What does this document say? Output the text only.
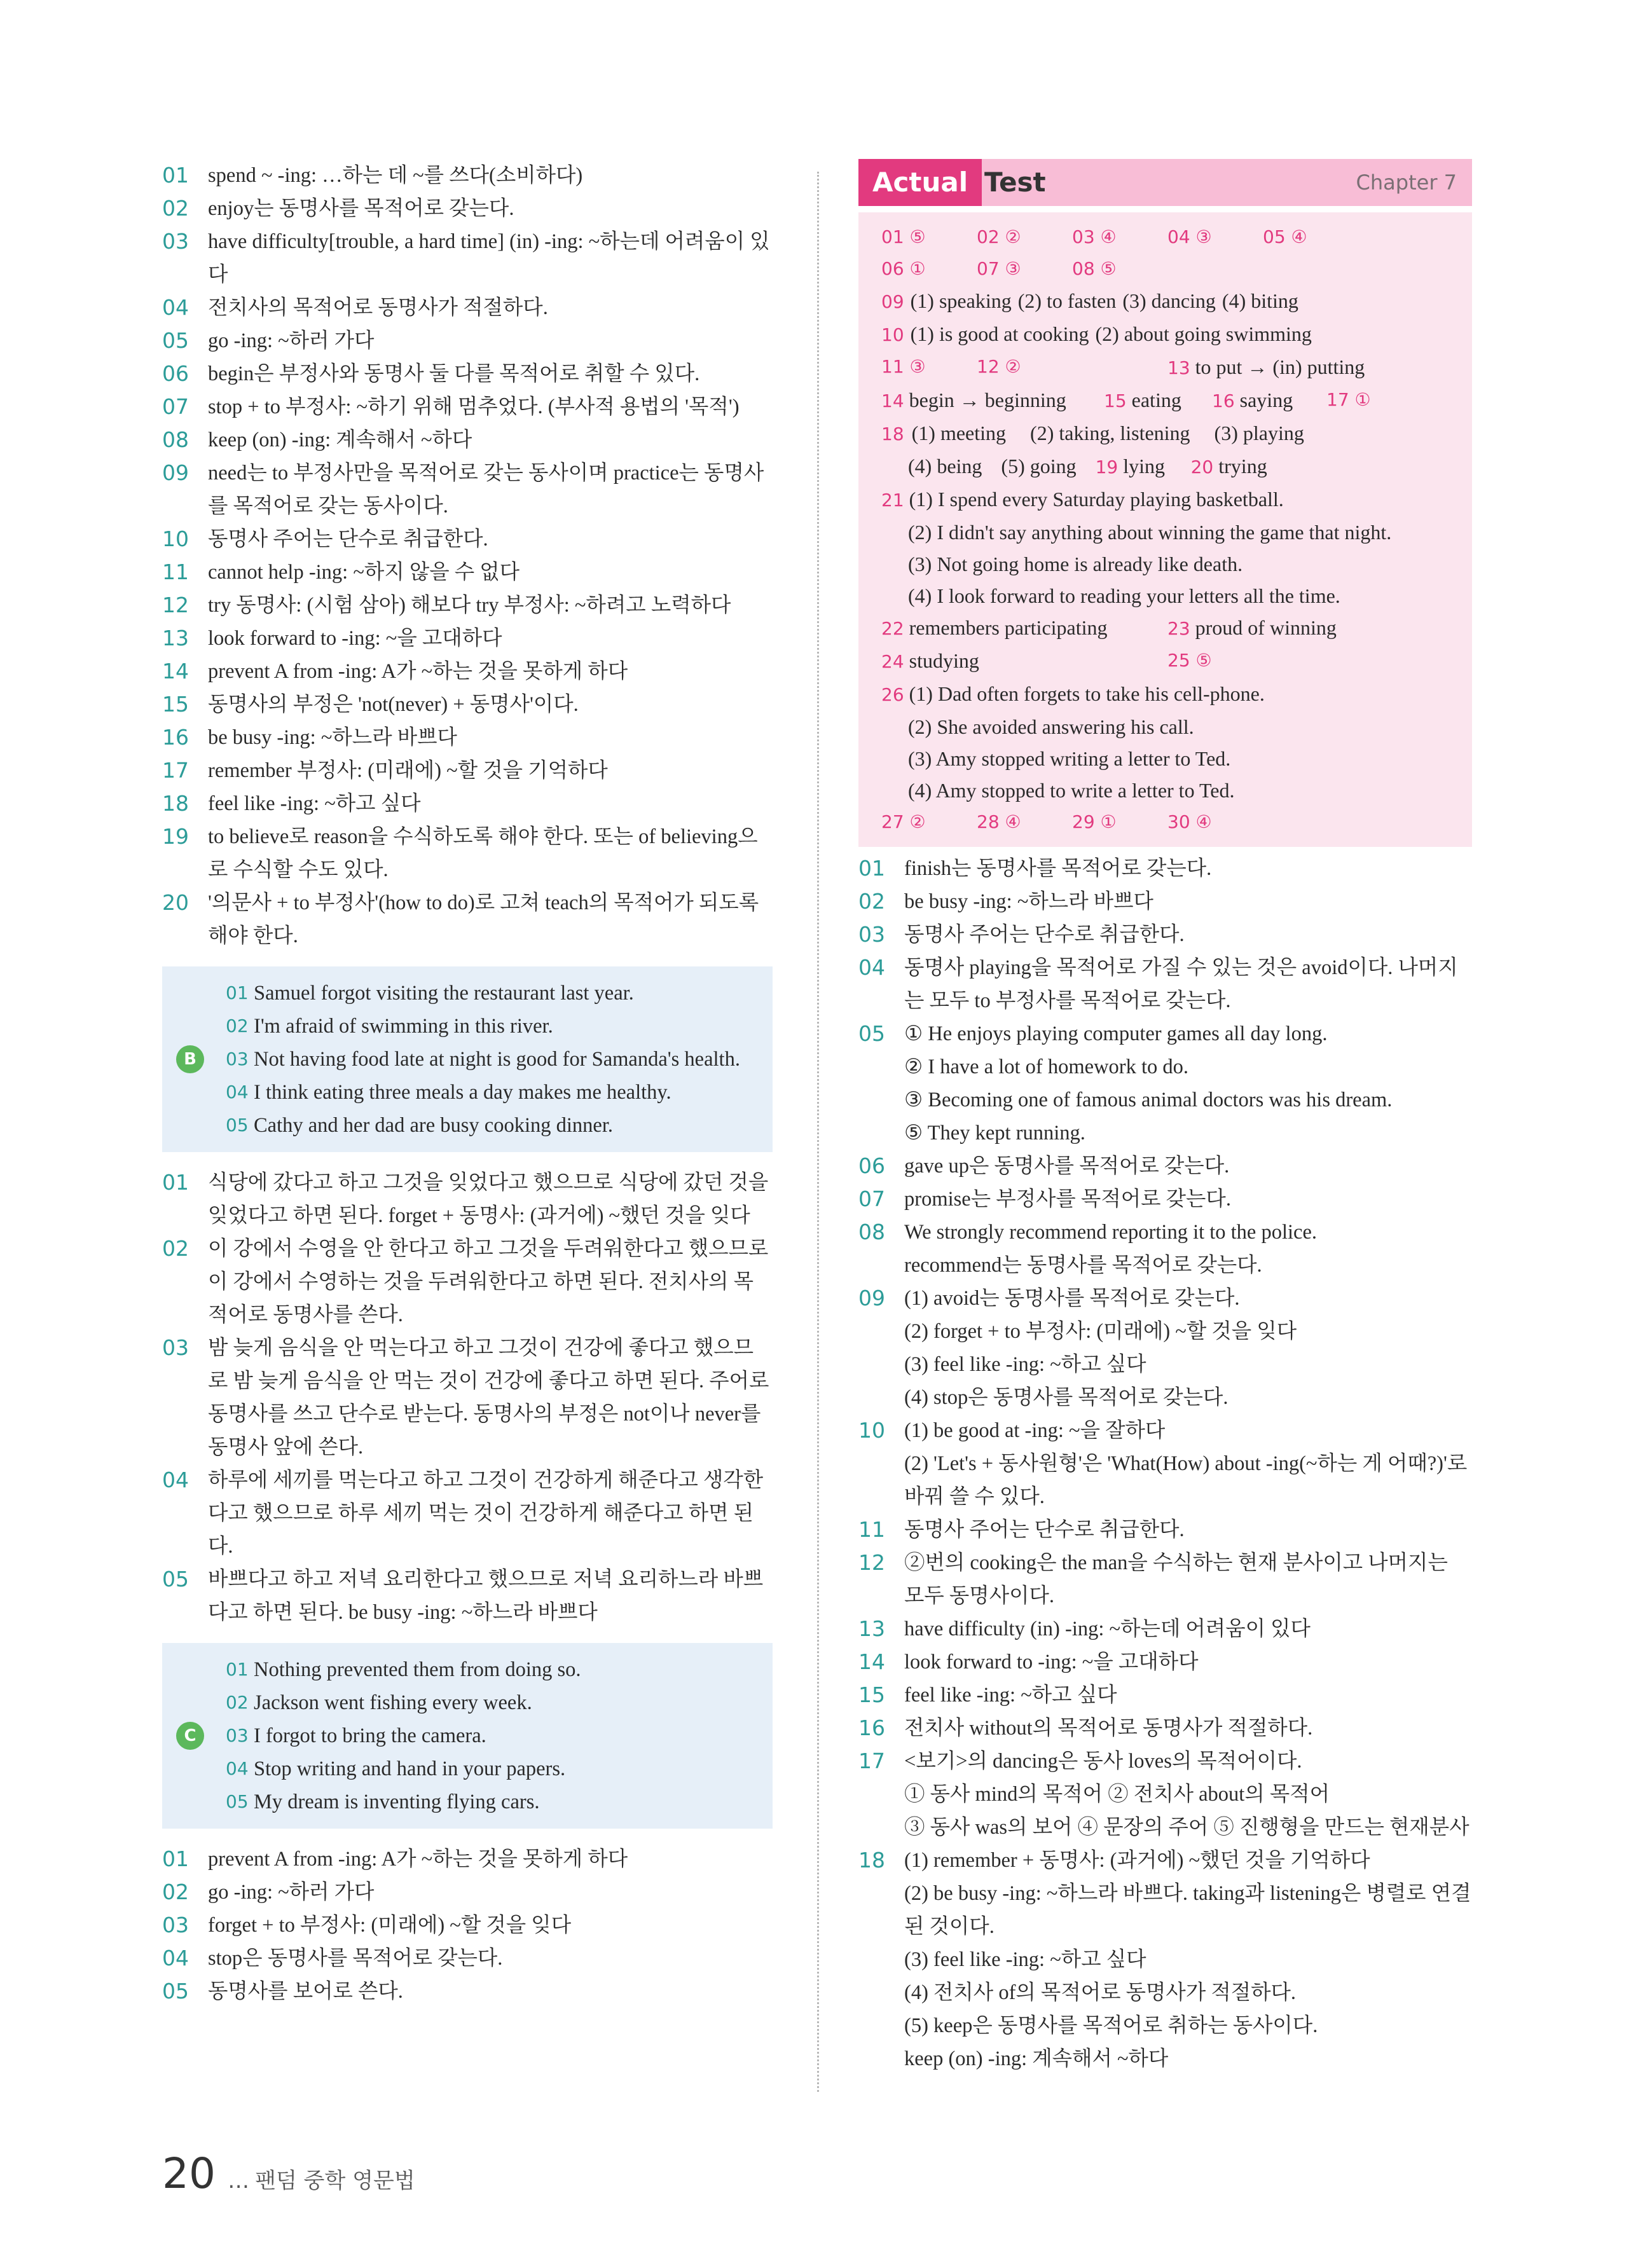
01 spend ~ -ing: …하는 데 ~를 쓰다(소비하다)
02 enjoy는 동명사를 목적어로 갖는다.
03 have difficulty[trouble, a hard time] (in) -ing: ~하는데 어려움이 있다
04 전치사의 목적어로 동명사가 적절하다.
05 go -ing: ~하러 가다
06 begin은 부정사와 동명사 둘 다를 목적어로 취할 수 있다.
07 stop + to 부정사: ~하기 위해 멈추었다. (부사적 용법의 '목적')
08 keep (on) -ing: 계속해서 ~하다
09 need는 to 부정사만을 목적어로 갖는 동사이며 practice는 동명사를 목적어로 갖는 동사이다.
10 동명사 주어는 단수로 취급한다.
11 cannot help -ing: ~하지 않을 수 없다
12 try 동명사: (시험 삼아) 해보다 try 부정사: ~하려고 노력하다
13 look forward to -ing: ~을 고대하다
14 prevent A from -ing: A가 ~하는 것을 못하게 하다
15 동명사의 부정은 'not(never) + 동명사'이다.
16 be busy -ing: ~하느라 바쁘다
17 remember 부정사: (미래에) ~할 것을 기억하다
18 feel like -ing: ~하고 싶다
19 to believe로 reason을 수식하도록 해야 한다. 또는 of believing으로 수식할 수도 있다.
20 '의문사 + to 부정사'(how to do)로 고쳐 teach의 목적어가 되도록 해야 한다.
B
01 Samuel forgot visiting the restaurant last year.
02 I'm afraid of swimming in this river.
03 Not having food late at night is good for Samanda's health.
04 I think eating three meals a day makes me healthy.
05 Cathy and her dad are busy cooking dinner.
01 식당에 갔다고 하고 그것을 잊었다고 했으므로 식당에 갔던 것을 잊었다고 하면 된다. forget + 동명사: (과거에) ~했던 것을 잊다
02 이 강에서 수영을 안 한다고 하고 그것을 두려워한다고 했으므로 이 강에서 수영하는 것을 두려워한다고 하면 된다. 전치사의 목적어로 동명사를 쓴다.
03 밤 늦게 음식을 안 먹는다고 하고 그것이 건강에 좋다고 했으므로 밤 늦게 음식을 안 먹는 것이 건강에 좋다고 하면 된다. 주어로 동명사를 쓰고 단수로 받는다. 동명사의 부정은 not이나 never를 동명사 앞에 쓴다.
04 하루에 세끼를 먹는다고 하고 그것이 건강하게 해준다고 생각한다고 했으므로 하루 세끼 먹는 것이 건강하게 해준다고 하면 된다.
05 바쁘다고 하고 저녁 요리한다고 했으므로 저녁 요리하느라 바쁘다고 하면 된다. be busy -ing: ~하느라 바쁘다
C
01 Nothing prevented them from doing so.
02 Jackson went fishing every week.
03 I forgot to bring the camera.
04 Stop writing and hand in your papers.
05 My dream is inventing flying cars.
01 prevent A from -ing: A가 ~하는 것을 못하게 하다
02 go -ing: ~하러 가다
03 forget + to 부정사: (미래에) ~할 것을 잊다
04 stop은 동명사를 목적어로 갖는다.
05 동명사를 보어로 쓴다.
Actual Test	Chapter 7
01 ⑤	02 ②	03 ④	04 ③	05 ④
06 ①	07 ③	08 ⑤
09 (1) speaking (2) to fasten (3) dancing (4) biting
10 (1) is good at cooking (2) about going swimming
11 ③	12 ②	13 to put → (in) putting
14 begin → beginning	15 eating	16 saying	17 ①
18 (1) meeting (2) taking, listening (3) playing
(4) being (5) going	19 lying	20 trying
21 (1) I spend every Saturday playing basketball.
(2) I didn't say anything about winning the game that night.
(3) Not going home is already like death.
(4) I look forward to reading your letters all the time.
22 remembers participating	23 proud of winning
24 studying	25 ⑤
26 (1) Dad often forgets to take his cell-phone.
(2) She avoided answering his call.
(3) Amy stopped writing a letter to Ted.
(4) Amy stopped to write a letter to Ted.
27 ②	28 ④	29 ①	30 ④
01 finish는 동명사를 목적어로 갖는다.
02 be busy -ing: ~하느라 바쁘다
03 동명사 주어는 단수로 취급한다.
04 동명사 playing을 목적어로 가질 수 있는 것은 avoid이다. 나머지는 모두 to 부정사를 목적어로 갖는다.
05 ① He enjoys playing computer games all day long.
② I have a lot of homework to do.
③ Becoming one of famous animal doctors was his dream.
⑤ They kept running.
06 gave up은 동명사를 목적어로 갖는다.
07 promise는 부정사를 목적어로 갖는다.
08 We strongly recommend reporting it to the police.
recommend는 동명사를 목적어로 갖는다.
09 (1) avoid는 동명사를 목적어로 갖는다.
(2) forget + to 부정사: (미래에) ~할 것을 잊다
(3) feel like -ing: ~하고 싶다
(4) stop은 동명사를 목적어로 갖는다.
10 (1) be good at -ing: ~을 잘하다
(2) 'Let's + 동사원형'은 'What(How) about -ing(~하는 게 어때?)'로 바꿔 쓸 수 있다.
11 동명사 주어는 단수로 취급한다.
12 ②번의 cooking은 the man을 수식하는 현재 분사이고 나머지는 모두 동명사이다.
13 have difficulty (in) -ing: ~하는데 어려움이 있다
14 look forward to -ing: ~을 고대하다
15 feel like -ing: ~하고 싶다
16 전치사 without의 목적어로 동명사가 적절하다.
17 <보기>의 dancing은 동사 loves의 목적어이다.
① 동사 mind의 목적어 ② 전치사 about의 목적어
③ 동사 was의 보어 ④ 문장의 주어 ⑤ 진행형을 만드는 현재분사
18 (1) remember + 동명사: (과거에) ~했던 것을 기억하다
(2) be busy -ing: ~하느라 바쁘다. taking과 listening은 병렬로 연결된 것이다.
(3) feel like -ing: ~하고 싶다
(4) 전치사 of의 목적어로 동명사가 적절하다.
(5) keep은 동명사를 목적어로 취하는 동사이다.
keep (on) -ing: 계속해서 ~하다
20 … 팬덤 중학 영문법
